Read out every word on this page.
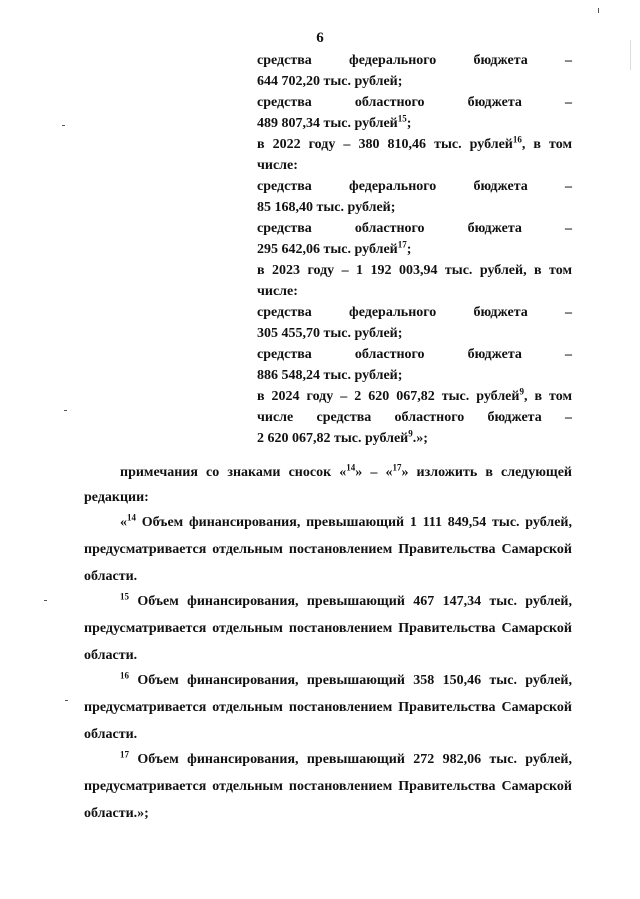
6
средства федерального бюджета –
644 702,20 тыс. рублей;
средства областного бюджета –
489 807,34 тыс. рублей$^{15}$;
в 2022 году – 380 810,46 тыс. рублей$^{16}$, в том
числе:
средства федерального бюджета –
85 168,40 тыс. рублей;
средства областного бюджета –
295 642,06 тыс. рублей$^{17}$;
в 2023 году – 1 192 003,94 тыс. рублей, в том
числе:
средства федерального бюджета –
305 455,70 тыс. рублей;
средства областного бюджета –
886 548,24 тыс. рублей;
в 2024 году – 2 620 067,82 тыс. рублей$^9$, в том
числе средства областного бюджета –
2 620 067,82 тыс. рублей$^9$.»;
примечания со знаками сносок «$^{14}$» – «$^{17}$» изложить в следующей
редакции:
«$^{14}$ Объем финансирования, превышающий 1 111 849,54 тыс. рублей,
предусматривается отдельным постановлением Правительства Самарской
области.
$^{15}$ Объем финансирования, превышающий 467 147,34 тыс. рублей,
предусматривается отдельным постановлением Правительства Самарской
области.
$^{16}$ Объем финансирования, превышающий 358 150,46 тыс. рублей,
предусматривается отдельным постановлением Правительства Самарской
области.
$^{17}$ Объем финансирования, превышающий 272 982,06 тыс. рублей,
предусматривается отдельным постановлением Правительства Самарской
области.»;
